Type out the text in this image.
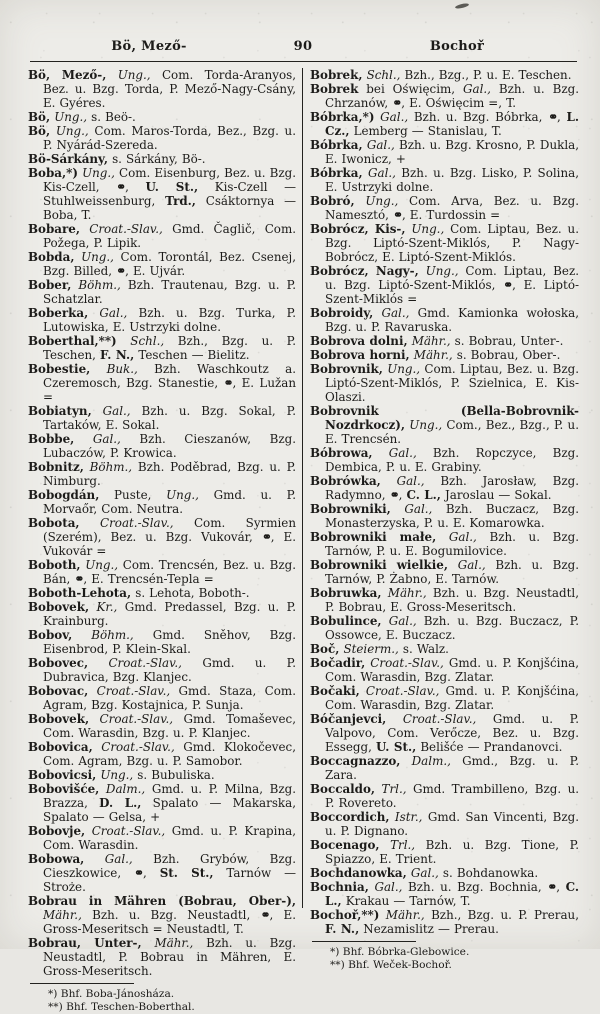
Bö, Mező-	90	Bochoř

Bö, Mező-, Ung., Com. Torda-Aranyos, Bez. u. Bzg. Torda, P. Mező-Nagy-Csány, E. Gyéres.

Bö, Ung., s. Beö-.

Bö, Ung., Com. Maros-Torda, Bez., Bzg. u. P. Nyárád-Szereda.

Bö-Sárkány, s. Sárkány, Bö-.

Boba,*) Ung., Com. Eisenburg, Bez. u. Bzg. Kis-Czell, ⚭, U. St., Kis-Czell — Stuhlweissenburg, Trd., Csáktornya — Boba, T.

Bobare, Croat.-Slav., Gmd. Čaglič, Com. Požega, P. Lipik.

Bobda, Ung., Com. Torontál, Bez. Csenej, Bzg. Billed, ⚭, E. Ujvár.

Bober, Böhm., Bzh. Trautenau, Bzg. u. P. Schatzlar.

Boberka, Gal., Bzh. u. Bzg. Turka, P. Lutowiska, E. Ustrzyki dolne.

Boberthal,**) Schl., Bzh., Bzg. u. P. Teschen, F. N., Teschen — Bielitz.

Bobestie, Buk., Bzh. Waschkoutz a. Czeremosch, Bzg. Stanestie, ⚭, E. Lužan =

Bobiatyn, Gal., Bzh. u. Bzg. Sokal, P. Tartaków, E. Sokal.

Bobbe, Gal., Bzh. Cieszanów, Bzg. Lubaczów, P. Krowica.

Bobnitz, Böhm., Bzh. Poděbrad, Bzg. u. P. Nimburg.

Bobogdán, Puste, Ung., Gmd. u. P. Morvaőr, Com. Neutra.

Bobota, Croat.-Slav., Com. Syrmien (Szerém), Bez. u. Bzg. Vukovár, ⚭, E. Vukovár =

Boboth, Ung., Com. Trencsén, Bez. u. Bzg. Bán, ⚭, E. Trencsén-Tepla =

Boboth-Lehota, s. Lehota, Boboth-.

Bobovek, Kr., Gmd. Predassel, Bzg. u. P. Krainburg.

Bobov, Böhm., Gmd. Sněhov, Bzg. Eisenbrod, P. Klein-Skal.

Bobovec, Croat.-Slav., Gmd. u. P. Dubravica, Bzg. Klanjec.

Bobovac, Croat.-Slav., Gmd. Staza, Com. Agram, Bzg. Kostajnica, P. Sunja.

Bobovek, Croat.-Slav., Gmd. Tomaševec, Com. Warasdin, Bzg. u. P. Klanjec.

Bobovica, Croat.-Slav., Gmd. Klokočevec, Com. Agram, Bzg. u. P. Samobor.

Bobovicsi, Ung., s. Bubuliska.

Bobovišće, Dalm., Gmd. u. P. Milna, Bzg. Brazza, D. L., Spalato — Makarska, Spalato — Gelsa, +

Bobovje, Croat.-Slav., Gmd. u. P. Krapina, Com. Warasdin.

Bobowa, Gal., Bzh. Grybów, Bzg. Cieszkowice, ⚭, St. St., Tarnów — Stroże.

Bobrau in Mähren (Bobrau, Ober-), Mähr., Bzh. u. Bzg. Neustadtl, ⚭, E. Gross-Meseritsch = Neustadtl, T.

Bobrau, Unter-, Mähr., Bzh. u. Bzg. Neustadtl, P. Bobrau in Mähren, E. Gross-Meseritsch.

*) Bhf. Boba-Jánosháza.

**) Bhf. Teschen-Boberthal.

Bobrek, Schl., Bzh., Bzg., P. u. E. Teschen.

Bobrek bei Oświęcim, Gal., Bzh. u. Bzg. Chrzanów, ⚭, E. Oświęcim =, T.

Bóbrka,*) Gal., Bzh. u. Bzg. Bóbrka, ⚭, L. Cz., Lemberg — Stanislau, T.

Bóbrka, Gal., Bzh. u. Bzg. Krosno, P. Dukla, E. Iwonicz, +

Bóbrka, Gal., Bzh. u. Bzg. Lisko, P. Solina, E. Ustrzyki dolne.

Bobró, Ung., Com. Arva, Bez. u. Bzg. Namesztó, ⚭, E. Turdossin =

Bobrócz, Kis-, Ung., Com. Liptau, Bez. u. Bzg. Liptó-Szent-Miklós, P. Nagy-Bobrócz, E. Liptó-Szent-Miklós.

Bobrócz, Nagy-, Ung., Com. Liptau, Bez. u. Bzg. Liptó-Szent-Miklós, ⚭, E. Liptó-Szent-Miklós =

Bobroidy, Gal., Gmd. Kamionka wołoska, Bzg. u. P. Ravaruska.

Bobrova dolni, Mähr., s. Bobrau, Unter-.

Bobrova horni, Mähr., s. Bobrau, Ober-.

Bobrovnik, Ung., Com. Liptau, Bez. u. Bzg. Liptó-Szent-Miklós, P. Szielnica, E. Kis-Olaszi.

Bobrovnik (Bella-Bobrovnik-Nozdrkocz), Ung., Com., Bez., Bzg., P. u. E. Trencsén.

Bóbrowa, Gal., Bzh. Ropczyce, Bzg. Dembica, P. u. E. Grabiny.

Bobrówka, Gal., Bzh. Jarosław, Bzg. Radymno, ⚭, C. L., Jaroslau — Sokal.

Bobrowniki, Gal., Bzh. Buczacz, Bzg. Monasterzyska, P. u. E. Komarowka.

Bobrowniki małe, Gal., Bzh. u. Bzg. Tarnów, P. u. E. Bogumilovice.

Bobrowniki wielkie, Gal., Bzh. u. Bzg. Tarnów, P. Żabno, E. Tarnów.

Bobruwka, Mähr., Bzh. u. Bzg. Neustadtl, P. Bobrau, E. Gross-Meseritsch.

Bobulince, Gal., Bzh. u. Bzg. Buczacz, P. Ossowce, E. Buczacz.

Boč, Steierm., s. Walz.

Bočadir, Croat.-Slav., Gmd. u. P. Konjšćina, Com. Warasdin, Bzg. Zlatar.

Bočaki, Croat.-Slav., Gmd. u. P. Konjšćina, Com. Warasdin, Bzg. Zlatar.

Bóčanjevci, Croat.-Slav., Gmd. u. P. Valpovo, Com. Verőcze, Bez. u. Bzg. Essegg, U. St., Belišće — Prandanovci.

Boccagnazzo, Dalm., Gmd., Bzg. u. P. Zara.

Boccaldo, Trl., Gmd. Trambilleno, Bzg. u. P. Rovereto.

Boccordich, Istr., Gmd. San Vincenti, Bzg. u. P. Dignano.

Bocenago, Trl., Bzh. u. Bzg. Tione, P. Spiazzo, E. Trient.

Bochdanowka, Gal., s. Bohdanowka.

Bochnia, Gal., Bzh. u. Bzg. Bochnia, ⚭, C. L., Krakau — Tarnów, T.

Bochoř,**) Mähr., Bzh., Bzg. u. P. Prerau, F. N., Nezamislitz — Prerau.

*) Bhf. Bóbrka-Glebowice.

**) Bhf. Weček-Bochoř.
